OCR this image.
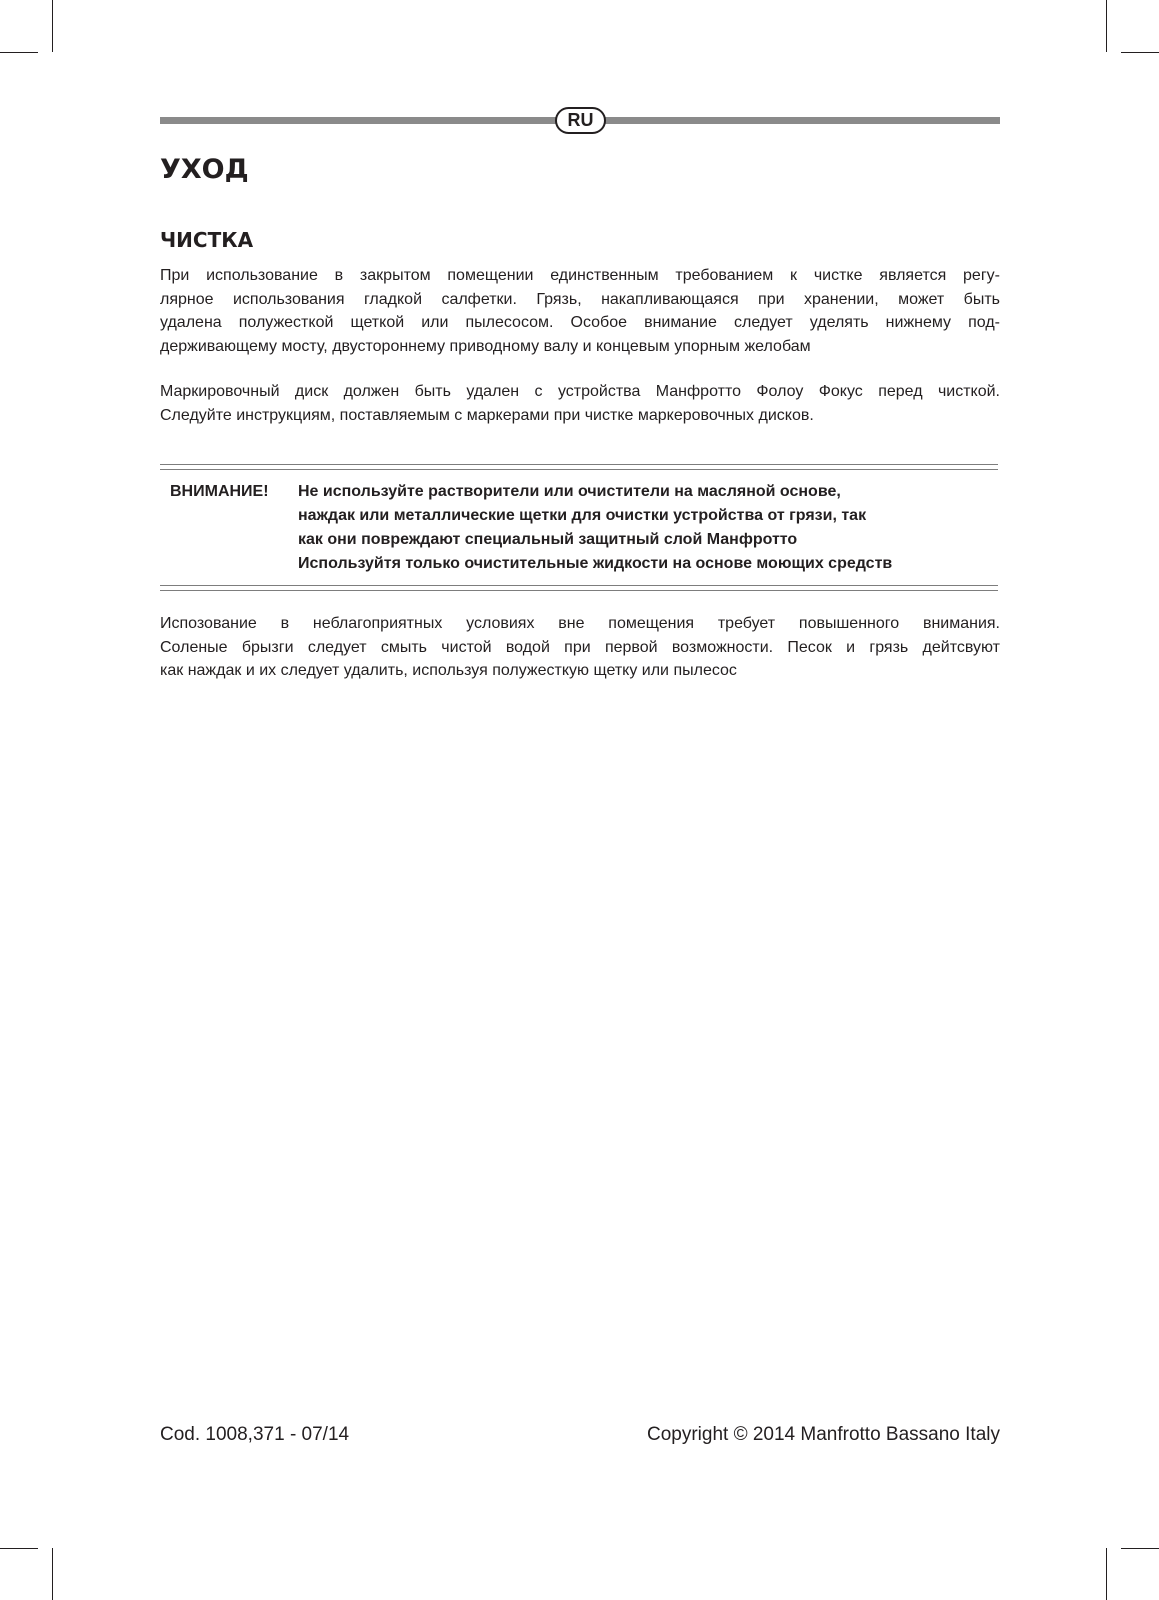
RU
УХОД
ЧИСТКА

При использование в закрытом помещении единственным требованием к чистке является регу-
лярное использования гладкой салфетки. Грязь, накапливающаяся при хранении, может быть
удалена полужесткой щеткой или пылесосом. Особое внимание следует уделять нижнему под-
держивающему мосту, двустороннему приводному валу и концевым упорным желобам

Маркировочный диск должен быть удален с устройства Манфротто Фолоу Фокус перед чисткой.
Следуйте инструкциям, поставляемым с маркерами при чистке маркеровочных дисков.

ВНИМАНИЕ! Не используйте растворители или очистители на масляной основе,
наждак или металлические щетки для очистки устройства от грязи, так
как они повреждают специальный защитный слой Манфротто
Используйтя только очистительные жидкости на основе моющих средств

Испозование в неблагоприятных условиях вне помещения требует повышенного внимания.
Соленые брызги следует смыть чистой водой при первой возможности. Песок и грязь дейтсвуют
как наждак и их следует удалить, используя полужесткую щетку или пылесос

Cod. 1008,371 - 07/14	Copyright © 2014 Manfrotto Bassano Italy
